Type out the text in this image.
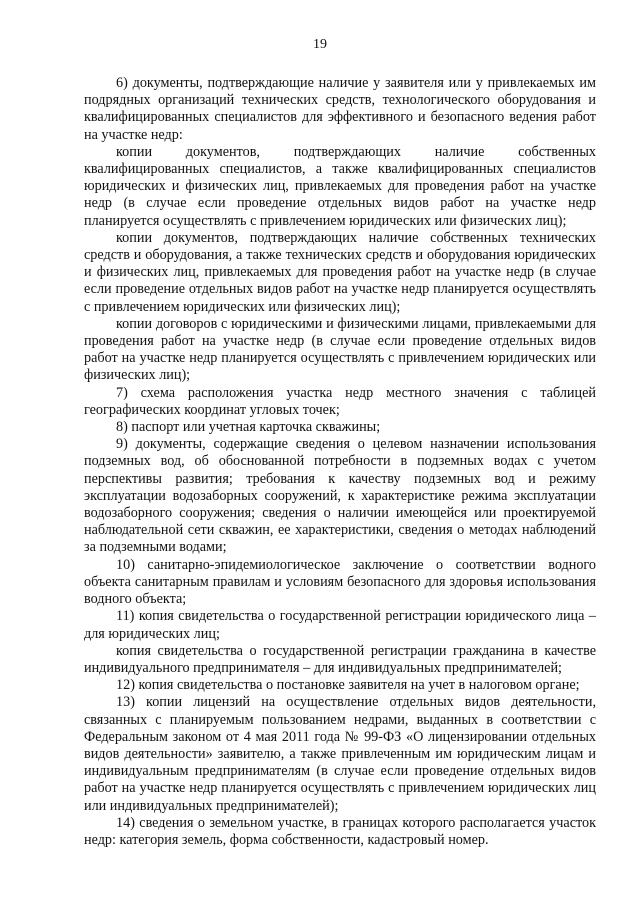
19

6) документы, подтверждающие наличие у заявителя или у привлекаемых им подрядных организаций технических средств, технологического оборудования и квалифицированных специалистов для эффективного и безопасного ведения работ на участке недр:

копии документов, подтверждающих наличие собственных квалифицированных специалистов, а также квалифицированных специалистов юридических и физических лиц, привлекаемых для проведения работ на участке недр (в случае если проведение отдельных видов работ на участке недр планируется осуществлять с привлечением юридических или физических лиц);

копии документов, подтверждающих наличие собственных технических средств и оборудования, а также технических средств и оборудования юридических и физических лиц, привлекаемых для проведения работ на участке недр (в случае если проведение отдельных видов работ на участке недр планируется осуществлять с привлечением юридических или физических лиц);

копии договоров с юридическими и физическими лицами, привлекаемыми для проведения работ на участке недр (в случае если проведение отдельных видов работ на участке недр планируется осуществлять с привлечением юридических или физических лиц);

7) схема расположения участка недр местного значения с таблицей географических координат угловых точек;

8) паспорт или учетная карточка скважины;

9) документы, содержащие сведения о целевом назначении использования подземных вод, об обоснованной потребности в подземных водах с учетом перспективы развития; требования к качеству подземных вод и режиму эксплуатации водозаборных сооружений, к характеристике режима эксплуатации водозаборного сооружения; сведения о наличии имеющейся или проектируемой наблюдательной сети скважин, ее характеристики, сведения о методах наблюдений за подземными водами;

10) санитарно-эпидемиологическое заключение о соответствии водного объекта санитарным правилам и условиям безопасного для здоровья использования водного объекта;

11) копия свидетельства о государственной регистрации юридического лица – для юридических лиц;

копия свидетельства о государственной регистрации гражданина в качестве индивидуального предпринимателя – для индивидуальных предпринимателей;

12) копия свидетельства о постановке заявителя на учет в налоговом органе;

13) копии лицензий на осуществление отдельных видов деятельности, связанных с планируемым пользованием недрами, выданных в соответствии с Федеральным законом от 4 мая 2011 года № 99-ФЗ «О лицензировании отдельных видов деятельности» заявителю, а также привлеченным им юридическим лицам и индивидуальным предпринимателям (в случае если проведение отдельных видов работ на участке недр планируется осуществлять с привлечением юридических лиц или индивидуальных предпринимателей);

14) сведения о земельном участке, в границах которого располагается участок недр: категория земель, форма собственности, кадастровый номер.
